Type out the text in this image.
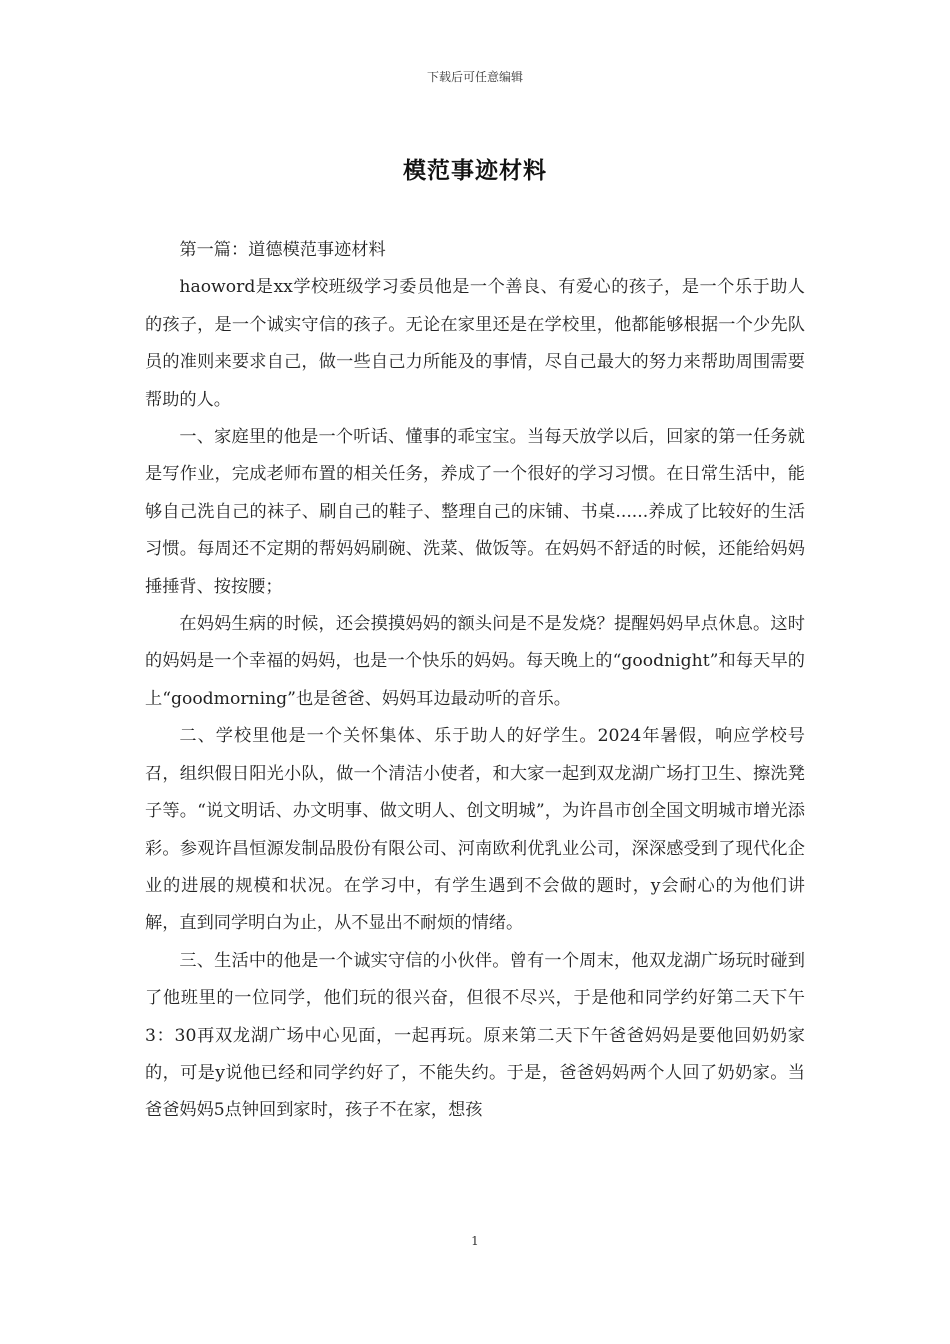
下载后可任意编辑
模范事迹材料

第一篇：道德模范事迹材料

haoword是xx学校班级学习委员他是一个善良、有爱心的孩子，是一个乐于助人的孩子，是一个诚实守信的孩子。无论在家里还是在学校里，他都能够根据一个少先队员的准则来要求自己，做一些自己力所能及的事情，尽自己最大的努力来帮助周围需要帮助的人。

一、家庭里的他是一个听话、懂事的乖宝宝。当每天放学以后，回家的第一任务就是写作业，完成老师布置的相关任务，养成了一个很好的学习习惯。在日常生活中，能够自己洗自己的袜子、刷自己的鞋子、整理自己的床铺、书桌......养成了比较好的生活习惯。每周还不定期的帮妈妈刷碗、洗菜、做饭等。在妈妈不舒适的时候，还能给妈妈捶捶背、按按腰；

在妈妈生病的时候，还会摸摸妈妈的额头问是不是发烧？提醒妈妈早点休息。这时的妈妈是一个幸福的妈妈，也是一个快乐的妈妈。每天晚上的“goodnight”和每天早的上“goodmorning”也是爸爸、妈妈耳边最动听的音乐。

二、学校里他是一个关怀集体、乐于助人的好学生。2024年暑假，响应学校号召，组织假日阳光小队，做一个清洁小使者，和大家一起到双龙湖广场打卫生、擦洗凳子等。“说文明话、办文明事、做文明人、创文明城”，为许昌市创全国文明城市增光添彩。参观许昌恒源发制品股份有限公司、河南欧利优乳业公司，深深感受到了现代化企业的进展的规模和状况。在学习中，有学生遇到不会做的题时，y会耐心的为他们讲解，直到同学明白为止，从不显出不耐烦的情绪。

三、生活中的他是一个诚实守信的小伙伴。曾有一个周末，他双龙湖广场玩时碰到了他班里的一位同学，他们玩的很兴奋，但很不尽兴，于是他和同学约好第二天下午3：30再双龙湖广场中心见面，一起再玩。原来第二天下午爸爸妈妈是要他回奶奶家的，可是y说他已经和同学约好了，不能失约。于是，爸爸妈妈两个人回了奶奶家。当爸爸妈妈5点钟回到家时，孩子不在家，想孩

1
